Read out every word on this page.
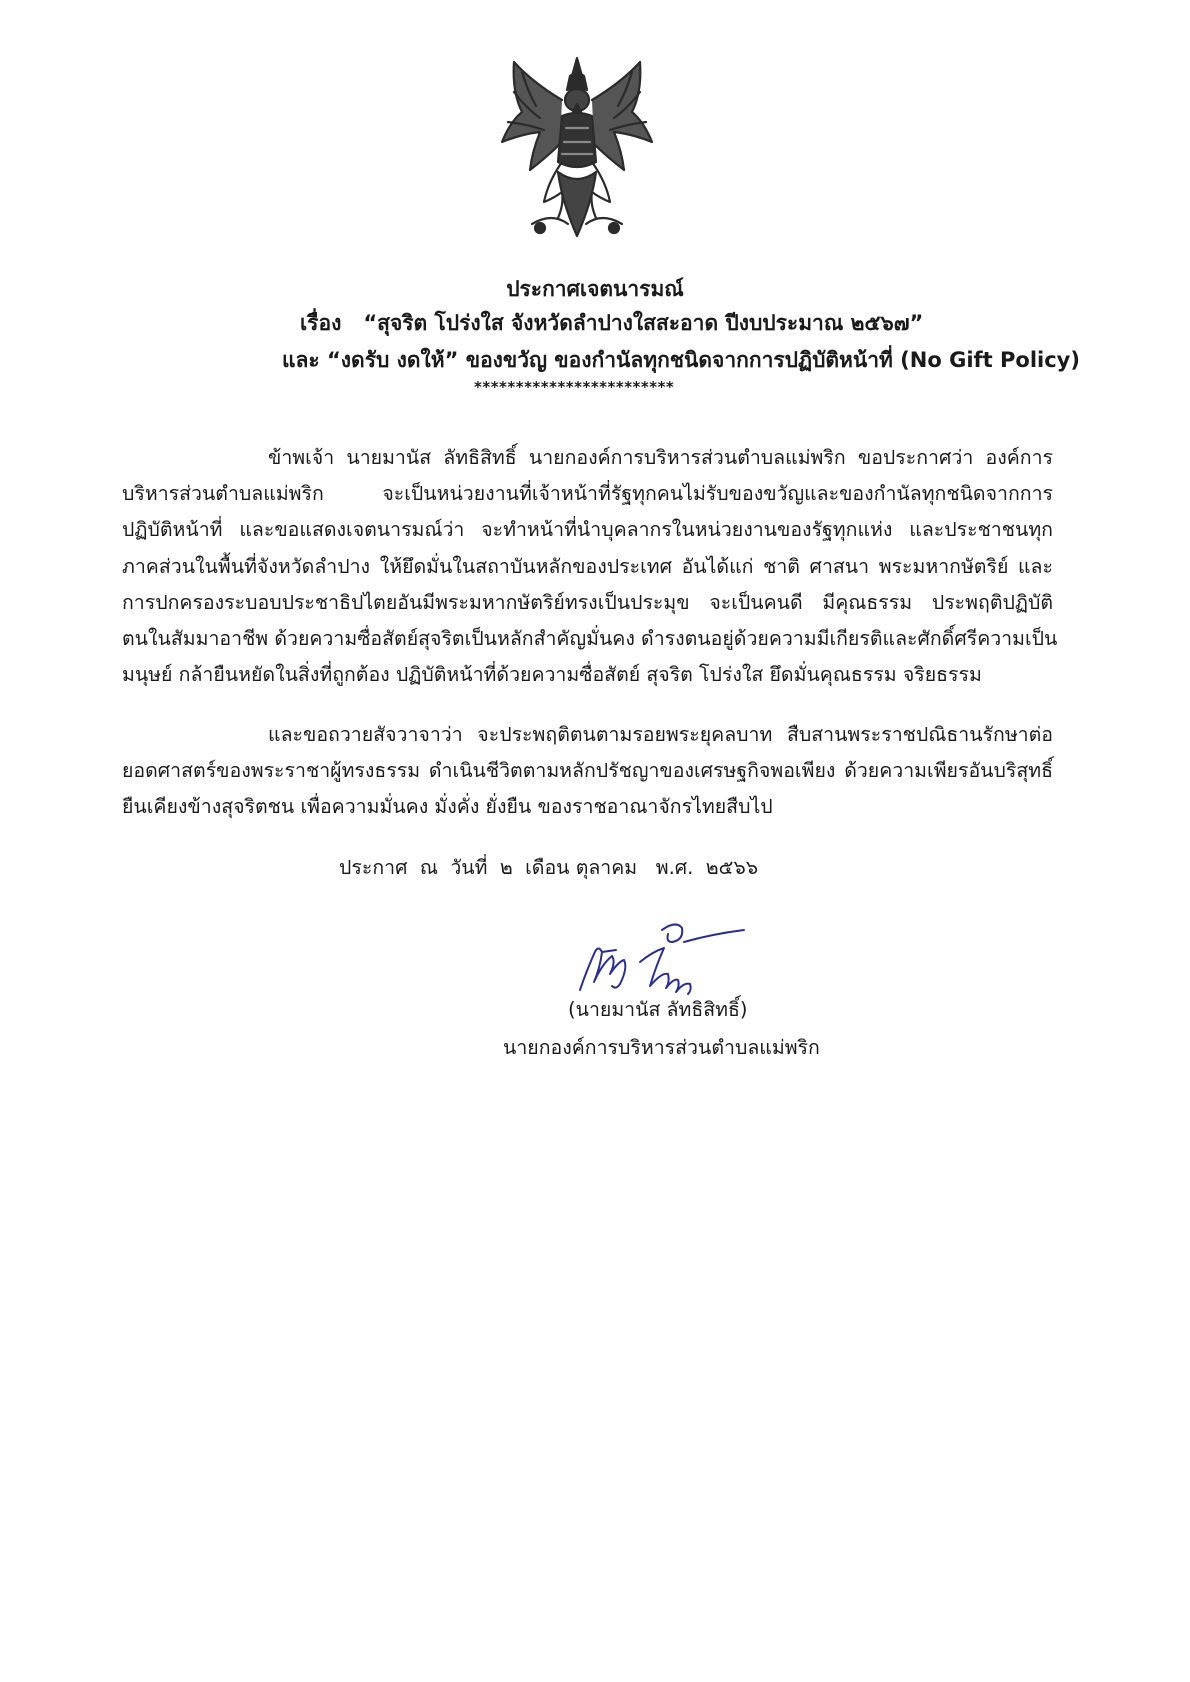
ประกาศเจตนารมณ์
เรื่อง “สุจริต โปร่งใส จังหวัดลำปางใสสะอาด ปีงบประมาณ ๒๕๖๗”
และ “งดรับ งดให้” ของขวัญ ของกำนัลทุกชนิดจากการปฏิบัติหน้าที่ (No Gift Policy)
************************
ข้าพเจ้า นายมานัส ลัทธิสิทธิ์ นายกองค์การบริหารส่วนตำบลแม่พริก ขอประกาศว่า องค์การ
บริหารส่วนตำบลแม่พริก จะเป็นหน่วยงานที่เจ้าหน้าที่รัฐทุกคนไม่รับของขวัญและของกำนัลทุกชนิดจากการ
ปฏิบัติหน้าที่ และขอแสดงเจตนารมณ์ว่า จะทำหน้าที่นำบุคลากรในหน่วยงานของรัฐทุกแห่ง และประชาชนทุก
ภาคส่วนในพื้นที่จังหวัดลำปาง ให้ยึดมั่นในสถาบันหลักของประเทศ อันได้แก่ ชาติ ศาสนา พระมหากษัตริย์ และ
การปกครองระบอบประชาธิปไตยอันมีพระมหากษัตริย์ทรงเป็นประมุข จะเป็นคนดี มีคุณธรรม ประพฤติปฏิบัติ
ตนในสัมมาอาชีพ ด้วยความซื่อสัตย์สุจริตเป็นหลักสำคัญมั่นคง ดำรงตนอยู่ด้วยความมีเกียรติและศักดิ์ศรีความเป็น
มนุษย์ กล้ายืนหยัดในสิ่งที่ถูกต้อง ปฏิบัติหน้าที่ด้วยความซื่อสัตย์ สุจริต โปร่งใส ยึดมั่นคุณธรรม จริยธรรม
และขอถวายสัจวาจาว่า จะประพฤติตนตามรอยพระยุคลบาท สืบสานพระราชปณิธานรักษาต่อ
ยอดศาสตร์ของพระราชาผู้ทรงธรรม ดำเนินชีวิตตามหลักปรัชญาของเศรษฐกิจพอเพียง ด้วยความเพียรอันบริสุทธิ์
ยืนเคียงข้างสุจริตชน เพื่อความมั่นคง มั่งคั่ง ยั่งยืน ของราชอาณาจักรไทยสืบไป
ประกาศ  ณ  วันที่  ๒  เดือน ตุลาคม   พ.ศ.  ๒๕๖๖
(นายมานัส ลัทธิสิทธิ์)
นายกองค์การบริหารส่วนตำบลแม่พริก
